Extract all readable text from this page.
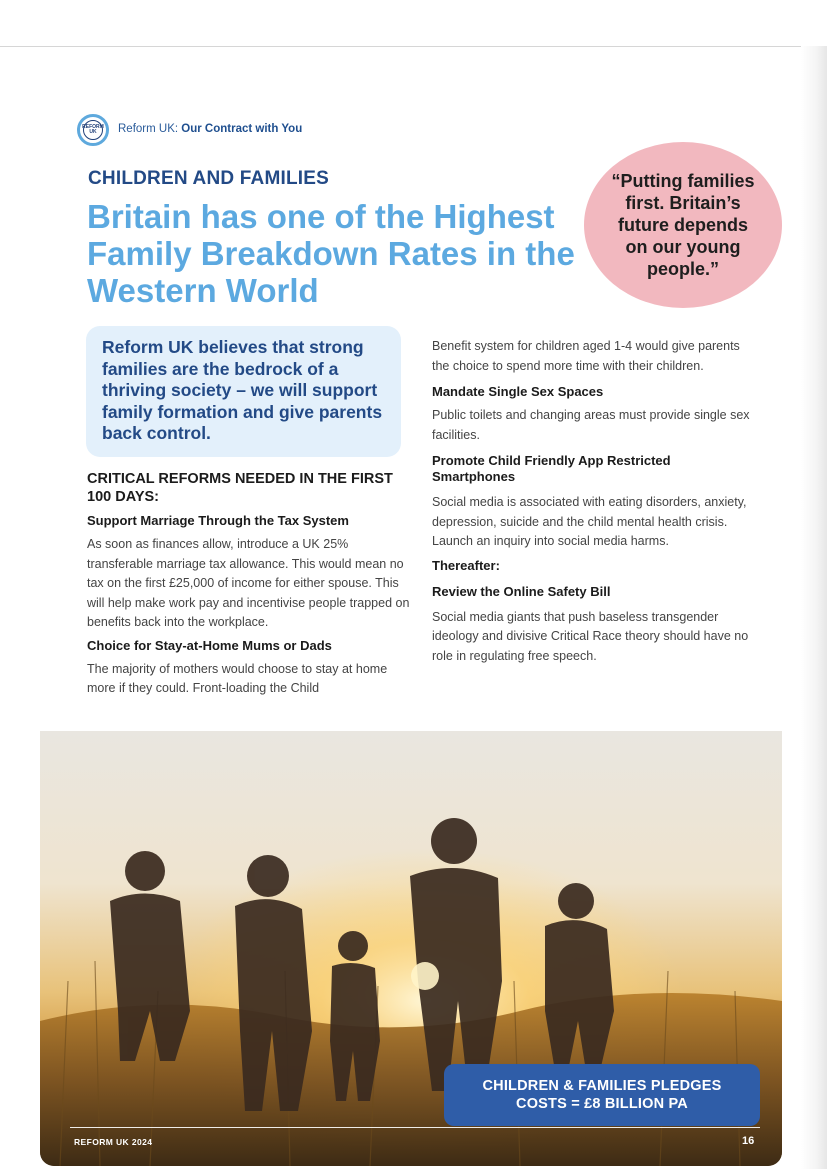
REFORM UK	Reform UK: Our Contract with You
CHILDREN AND FAMILIES
Britain has one of the Highest Family Breakdown Rates in the Western World
“Putting families first. Britain’s future depends on our young people.”
Reform UK believes that strong families are the bedrock of a thriving society – we will support family formation and give parents back control.
CRITICAL REFORMS NEEDED IN THE FIRST 100 DAYS:
Support Marriage Through the Tax System

As soon as finances allow, introduce a UK 25% transferable marriage tax allowance. This would mean no tax on the first £25,000 of income for either spouse. This will help make work pay and incentivise people trapped on benefits back into the workplace.

Choice for Stay-at-Home Mums or Dads

The majority of mothers would choose to stay at home more if they could. Front-loading the Child

Benefit system for children aged 1-4 would give parents the choice to spend more time with their children.

Mandate Single Sex Spaces

Public toilets and changing areas must provide single sex facilities.

Promote Child Friendly App Restricted Smartphones

Social media is associated with eating disorders, anxiety, depression, suicide and the child mental health crisis. Launch an inquiry into social media harms.

Thereafter:
Review the Online Safety Bill

Social media giants that push baseless transgender ideology and divisive Critical Race theory should have no role in regulating free speech.

CHILDREN & FAMILIES PLEDGES
COSTS = £8 BILLION PA
REFORM UK 2024	16
